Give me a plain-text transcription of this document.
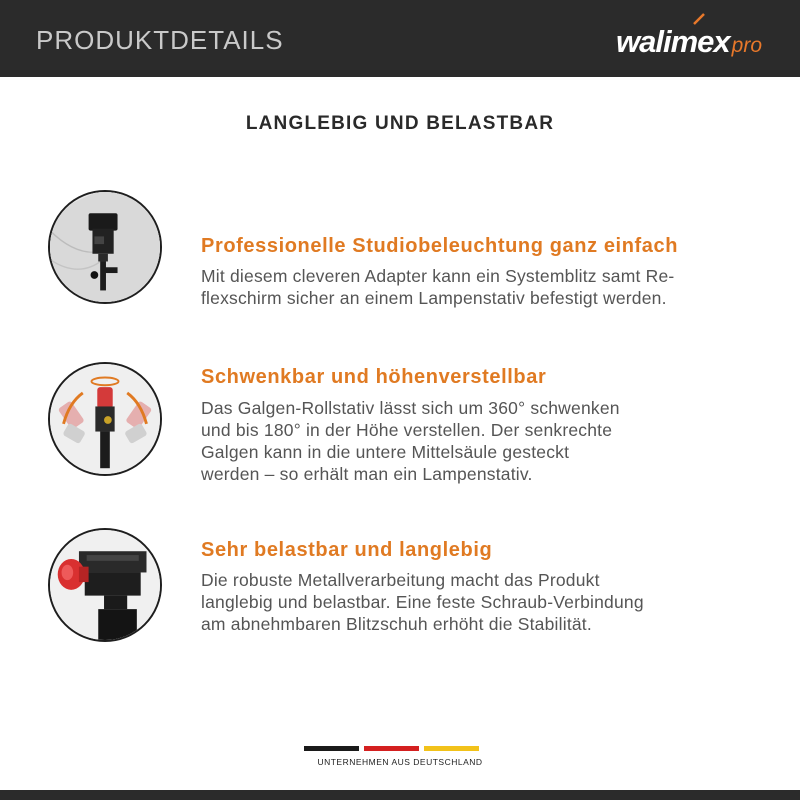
PRODUKTDETAILS	walimex pro
LANGLEBIG UND BELASTBAR
Professionelle Studiobeleuchtung ganz einfach
Mit diesem cleveren Adapter kann ein Systemblitz samt Re-
flexschirm sicher an einem Lampenstativ befestigt werden.
Schwenkbar und höhenverstellbar
Das Galgen-Rollstativ lässt sich um 360° schwenken
und bis 180° in der Höhe verstellen. Der senkrechte
Galgen kann in die untere Mittelsäule gesteckt
werden – so erhält man ein Lampenstativ.
Sehr belastbar und langlebig
Die robuste Metallverarbeitung macht das Produkt
langlebig und belastbar. Eine feste Schraub-Verbindung
am abnehmbaren Blitzschuh erhöht die Stabilität.
UNTERNEHMEN AUS DEUTSCHLAND
